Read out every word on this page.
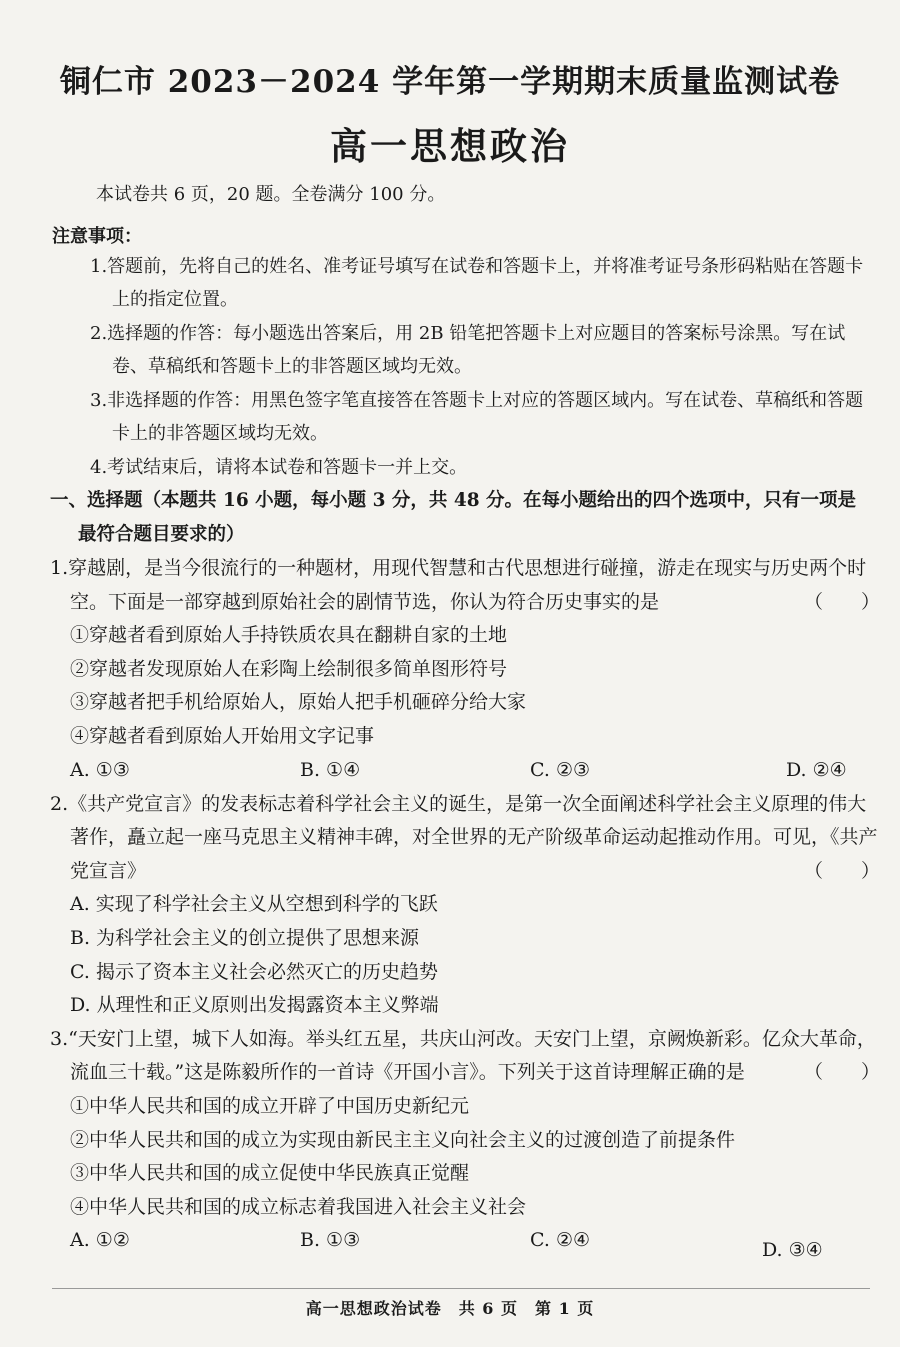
铜仁市 2023－2024 学年第一学期期末质量监测试卷
高一思想政治
本试卷共 6 页，20 题。全卷满分 100 分。
注意事项：
1.答题前，先将自己的姓名、准考证号填写在试卷和答题卡上，并将准考证号条形码粘贴在答题卡上的指定位置。
2.选择题的作答：每小题选出答案后，用 2B 铅笔把答题卡上对应题目的答案标号涂黑。写在试卷、草稿纸和答题卡上的非答题区域均无效。
3.非选择题的作答：用黑色签字笔直接答在答题卡上对应的答题区域内。写在试卷、草稿纸和答题卡上的非答题区域均无效。
4.考试结束后，请将本试卷和答题卡一并上交。
一、选择题（本题共 16 小题，每小题 3 分，共 48 分。在每小题给出的四个选项中，只有一项是
最符合题目要求的）
1.穿越剧，是当今很流行的一种题材，用现代智慧和古代思想进行碰撞，游走在现实与历史两个时空。下面是一部穿越到原始社会的剧情节选，你认为符合历史事实的是	（　　）
①穿越者看到原始人手持铁质农具在翻耕自家的土地
②穿越者发现原始人在彩陶上绘制很多简单图形符号
③穿越者把手机给原始人，原始人把手机砸碎分给大家
④穿越者看到原始人开始用文字记事
A. ①③	B. ①④	C. ②③	D. ②④
2.《共产党宣言》的发表标志着科学社会主义的诞生，是第一次全面阐述科学社会主义原理的伟大著作，矗立起一座马克思主义精神丰碑，对全世界的无产阶级革命运动起推动作用。可见，《共产党宣言》	（　　）
A. 实现了科学社会主义从空想到科学的飞跃
B. 为科学社会主义的创立提供了思想来源
C. 揭示了资本主义社会必然灭亡的历史趋势
D. 从理性和正义原则出发揭露资本主义弊端
3.“天安门上望，城下人如海。举头红五星，共庆山河改。天安门上望，京阙焕新彩。亿众大革命，流血三十载。”这是陈毅所作的一首诗《开国小言》。下列关于这首诗理解正确的是	（　　）
①中华人民共和国的成立开辟了中国历史新纪元
②中华人民共和国的成立为实现由新民主主义向社会主义的过渡创造了前提条件
③中华人民共和国的成立促使中华民族真正觉醒
④中华人民共和国的成立标志着我国进入社会主义社会
A. ①②	B. ①③	C. ②④	D. ③④
高一思想政治试卷　共 6 页　第 1 页
